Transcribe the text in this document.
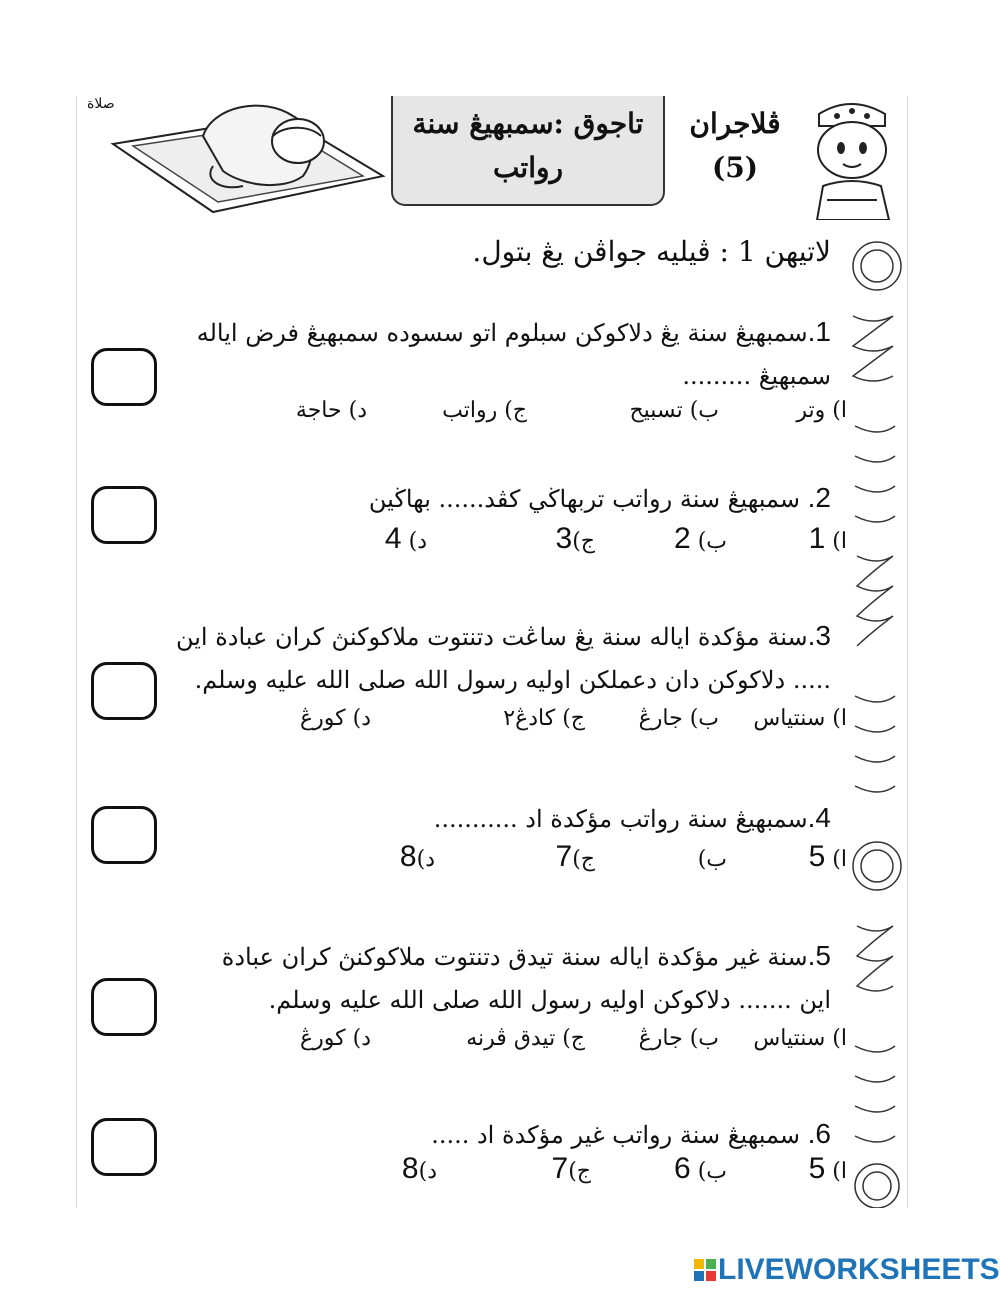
صلاة
تاجوق :سمبهيڠ سنة
رواتب
ڤلاجران
(5)
لاتيهن 1 : ڤيليه جواڤن يڠ بتول.
1.سمبهيڠ سنة يڠ دلاكوكن سبلوم اتو سسوده سمبهيڠ فرض اياله
سمبهيڠ .........
ا) وتر
ب) تسبيح
ج) رواتب
د) حاجة
2. سمبهيڠ سنة رواتب تربهاڬي كڤد...... بهاڬين
ا) 1
ب) 2
ج)3
د) 4
3.سنة مؤكدة اياله سنة يڠ ساڠت دتنتوت ملاكوكنڽ كران عبادة اين
..... دلاكوكن دان دعملكن اوليه رسول الله صلى الله عليه وسلم.
ا) سنتياس
ب) جارڠ
ج) كادڠ٢
د) كورڠ
4.سمبهيڠ سنة رواتب مؤكدة اد ...........
ا) 5
ب)
ج)7
د)8
5.سنة غير مؤكدة اياله سنة تيدق دتنتوت ملاكوكنڽ كران عبادة
اين ....... دلاكوكن اوليه رسول الله صلى الله عليه وسلم.
ا) سنتياس
ب) جارڠ
ج) تيدق ڤرنه
د) كورڠ
6. سمبهيڠ سنة رواتب غير مؤكدة اد .....
ا) 5
ب) 6
ج)7
د)8
LIVEWORKSHEETS
